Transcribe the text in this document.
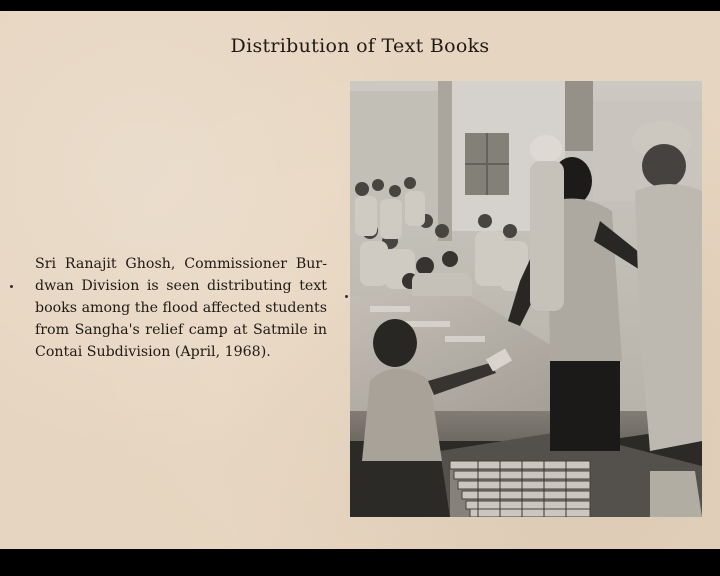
Distribution of Text Books
Sri Ranajit Ghosh, Commissioner Bur-
dwan Division is seen distributing text
books among the flood affected students
from Sangha's relief camp at Satmile in
Contai Subdivision (April, 1968).
